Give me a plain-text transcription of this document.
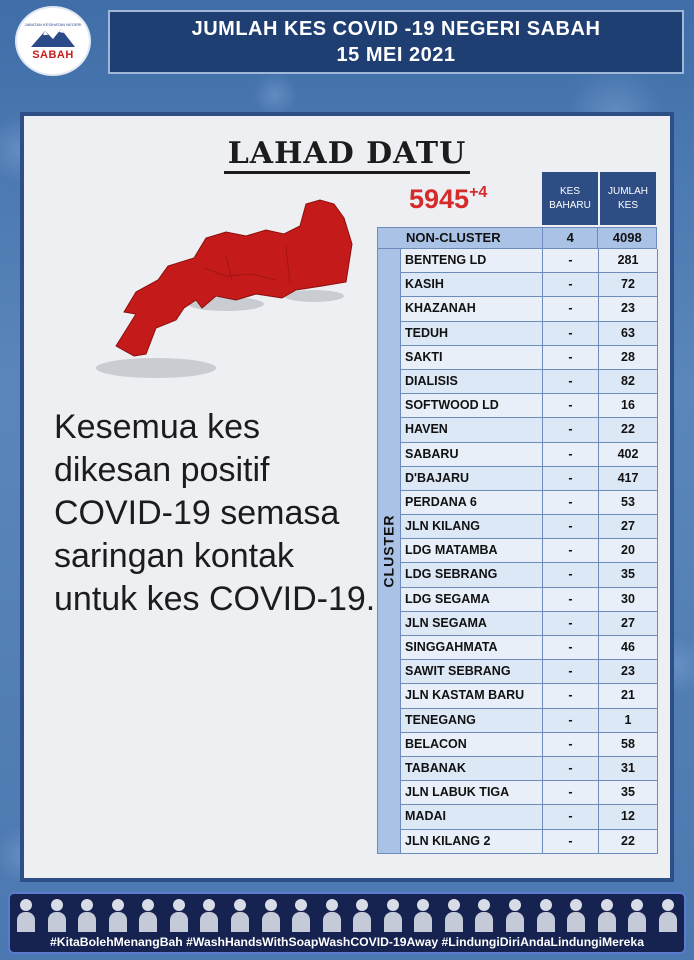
JABATAN KESIHATAN NEGERI
SABAH
JUMLAH KES COVID -19 NEGERI SABAH
15 MEI 2021
LAHAD DATU
Kesemua kes dikesan positif COVID-19 semasa saringan kontak untuk kes COVID-19.
$5945^{+4}$	KES BAHARU
JUMLAH KES
NON-CLUSTER	4	4098
CLUSTER
BENTENG LD	-	281
KASIH	-	72
KHAZANAH	-	23
TEDUH	-	63
SAKTI	-	28
DIALISIS	-	82
SOFTWOOD LD	-	16
HAVEN	-	22
SABARU	-	402
D'BAJARU	-	417
PERDANA 6	-	53
JLN KILANG	-	27
LDG MATAMBA	-	20
LDG SEBRANG	-	35
LDG SEGAMA	-	30
JLN SEGAMA	-	27
SINGGAHMATA	-	46
SAWIT SEBRANG	-	23
JLN KASTAM BARU	-	21
TENEGANG	-	1
BELACON	-	58
TABANAK	-	31
JLN LABUK TIGA	-	35
MADAI	-	12
JLN KILANG 2	-	22
#KitaBolehMenangBah #WashHandsWithSoapWashCOVID-19Away #LindungiDiriAndaLindungiMereka
